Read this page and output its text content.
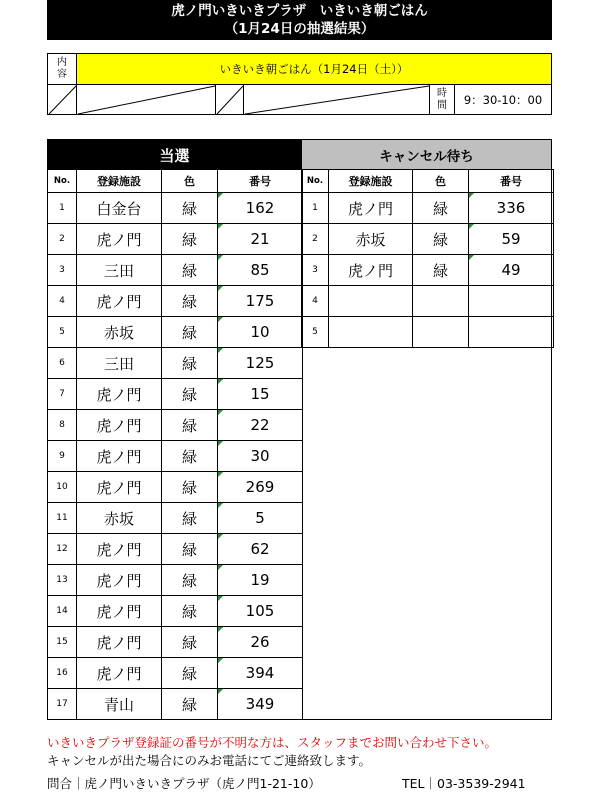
虎ノ門いきいきプラザ　いきいき朝ごはん
（1月24日の抽選結果）
内
容	いきいき朝ごはん（1月24日（土））
時
間	9：30-10：00
当選	キャンセル待ち
No.	登録施設	色	番号
1	白金台	緑	162
2	虎ノ門	緑	21
3	三田	緑	85
4	虎ノ門	緑	175
5	赤坂	緑	10
6	三田	緑	125
7	虎ノ門	緑	15
8	虎ノ門	緑	22
9	虎ノ門	緑	30
10	虎ノ門	緑	269
11	赤坂	緑	5
12	虎ノ門	緑	62
13	虎ノ門	緑	19
14	虎ノ門	緑	105
15	虎ノ門	緑	26
16	虎ノ門	緑	394
17	青山	緑	349
No.	登録施設	色	番号
1	虎ノ門	緑	336
2	赤坂	緑	59
3	虎ノ門	緑	49
4			
5			
いきいきプラザ登録証の番号が不明な方は、スタッフまでお問い合わせ下さい。
キャンセルが出た場合にのみお電話にてご連絡致します。
問合｜虎ノ門いきいきプラザ（虎ノ門1-21-10）	TEL｜03-3539-2941
